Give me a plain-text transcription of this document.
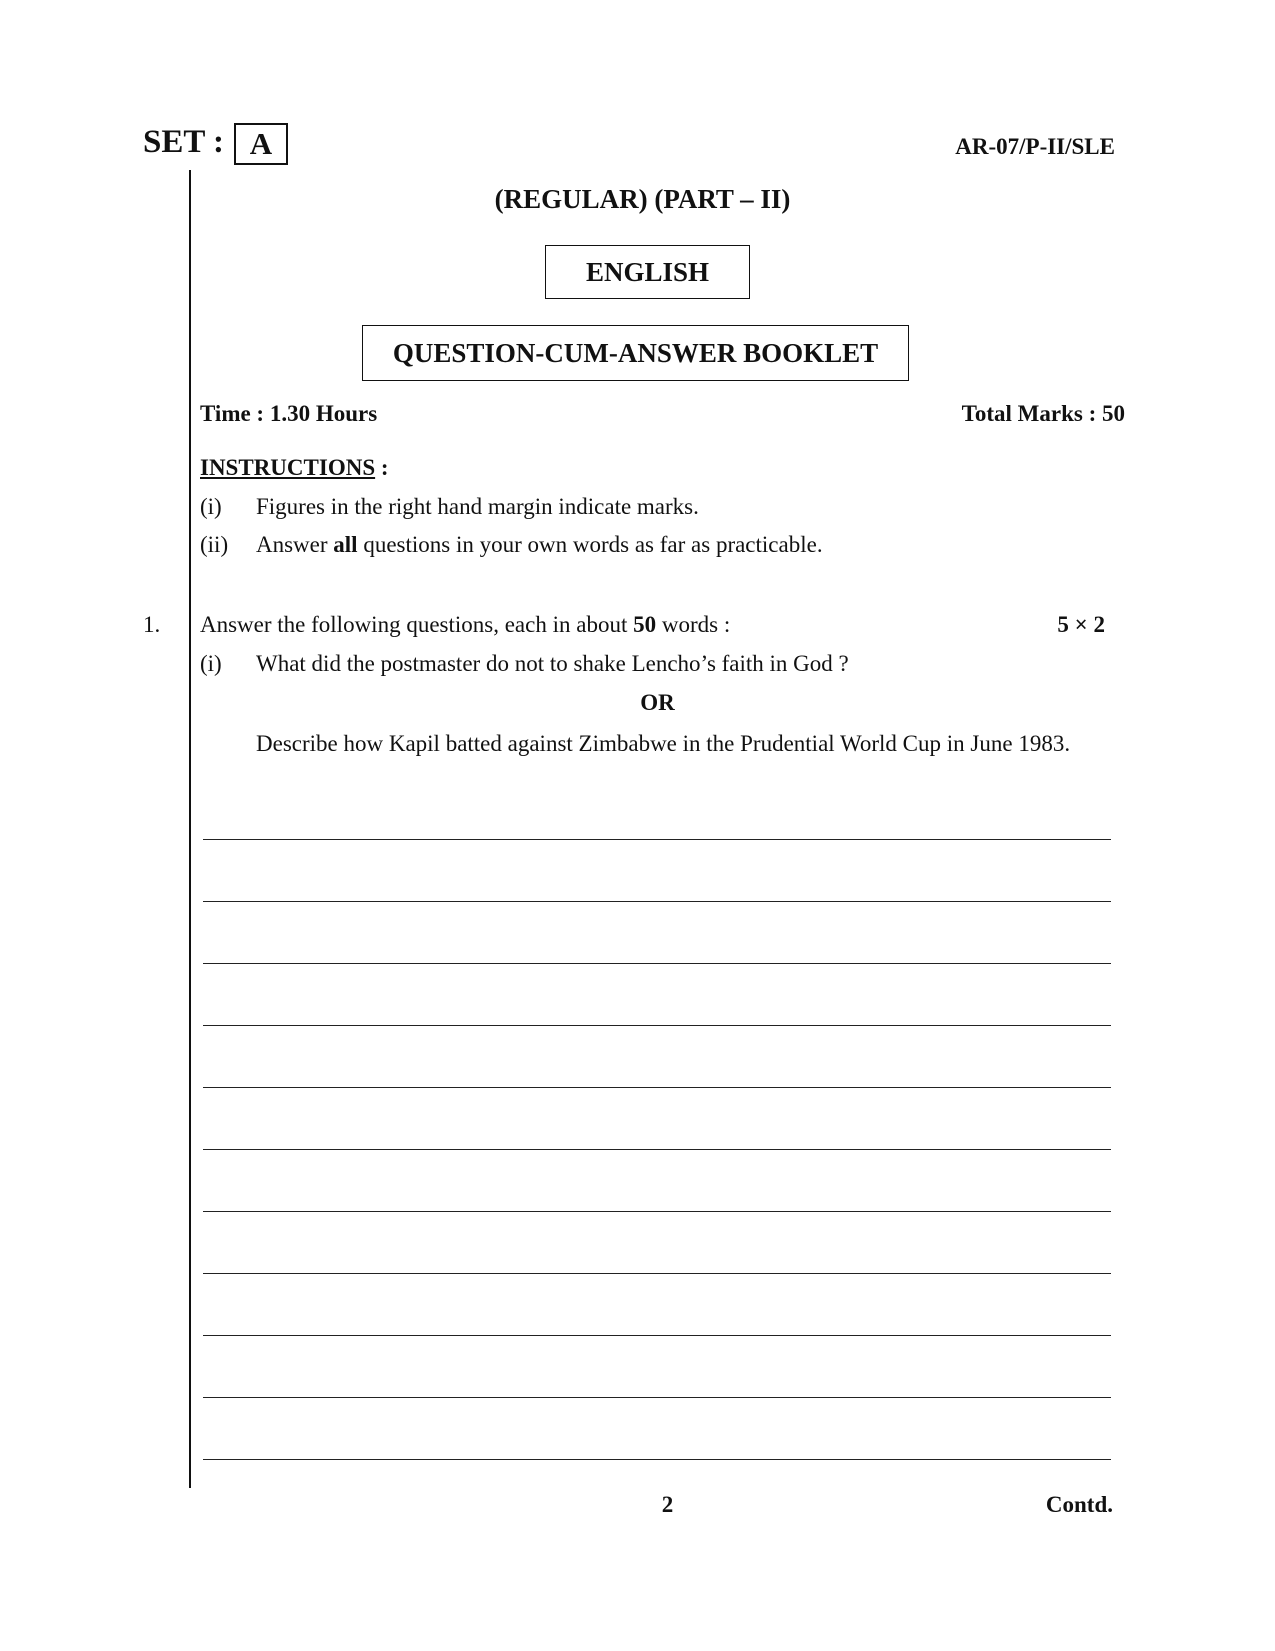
SET : A	AR-07/P-II/SLE
(REGULAR) (PART – II)
ENGLISH
QUESTION-CUM-ANSWER BOOKLET
Time : 1.30 Hours	Total Marks : 50
INSTRUCTIONS :
(i) Figures in the right hand margin indicate marks.
(ii) Answer all questions in your own words as far as practicable.
1. Answer the following questions, each in about 50 words :	5 × 2
(i) What did the postmaster do not to shake Lencho’s faith in God ?
OR
Describe how Kapil batted against Zimbabwe in the Prudential World Cup in June 1983.
2	Contd.
